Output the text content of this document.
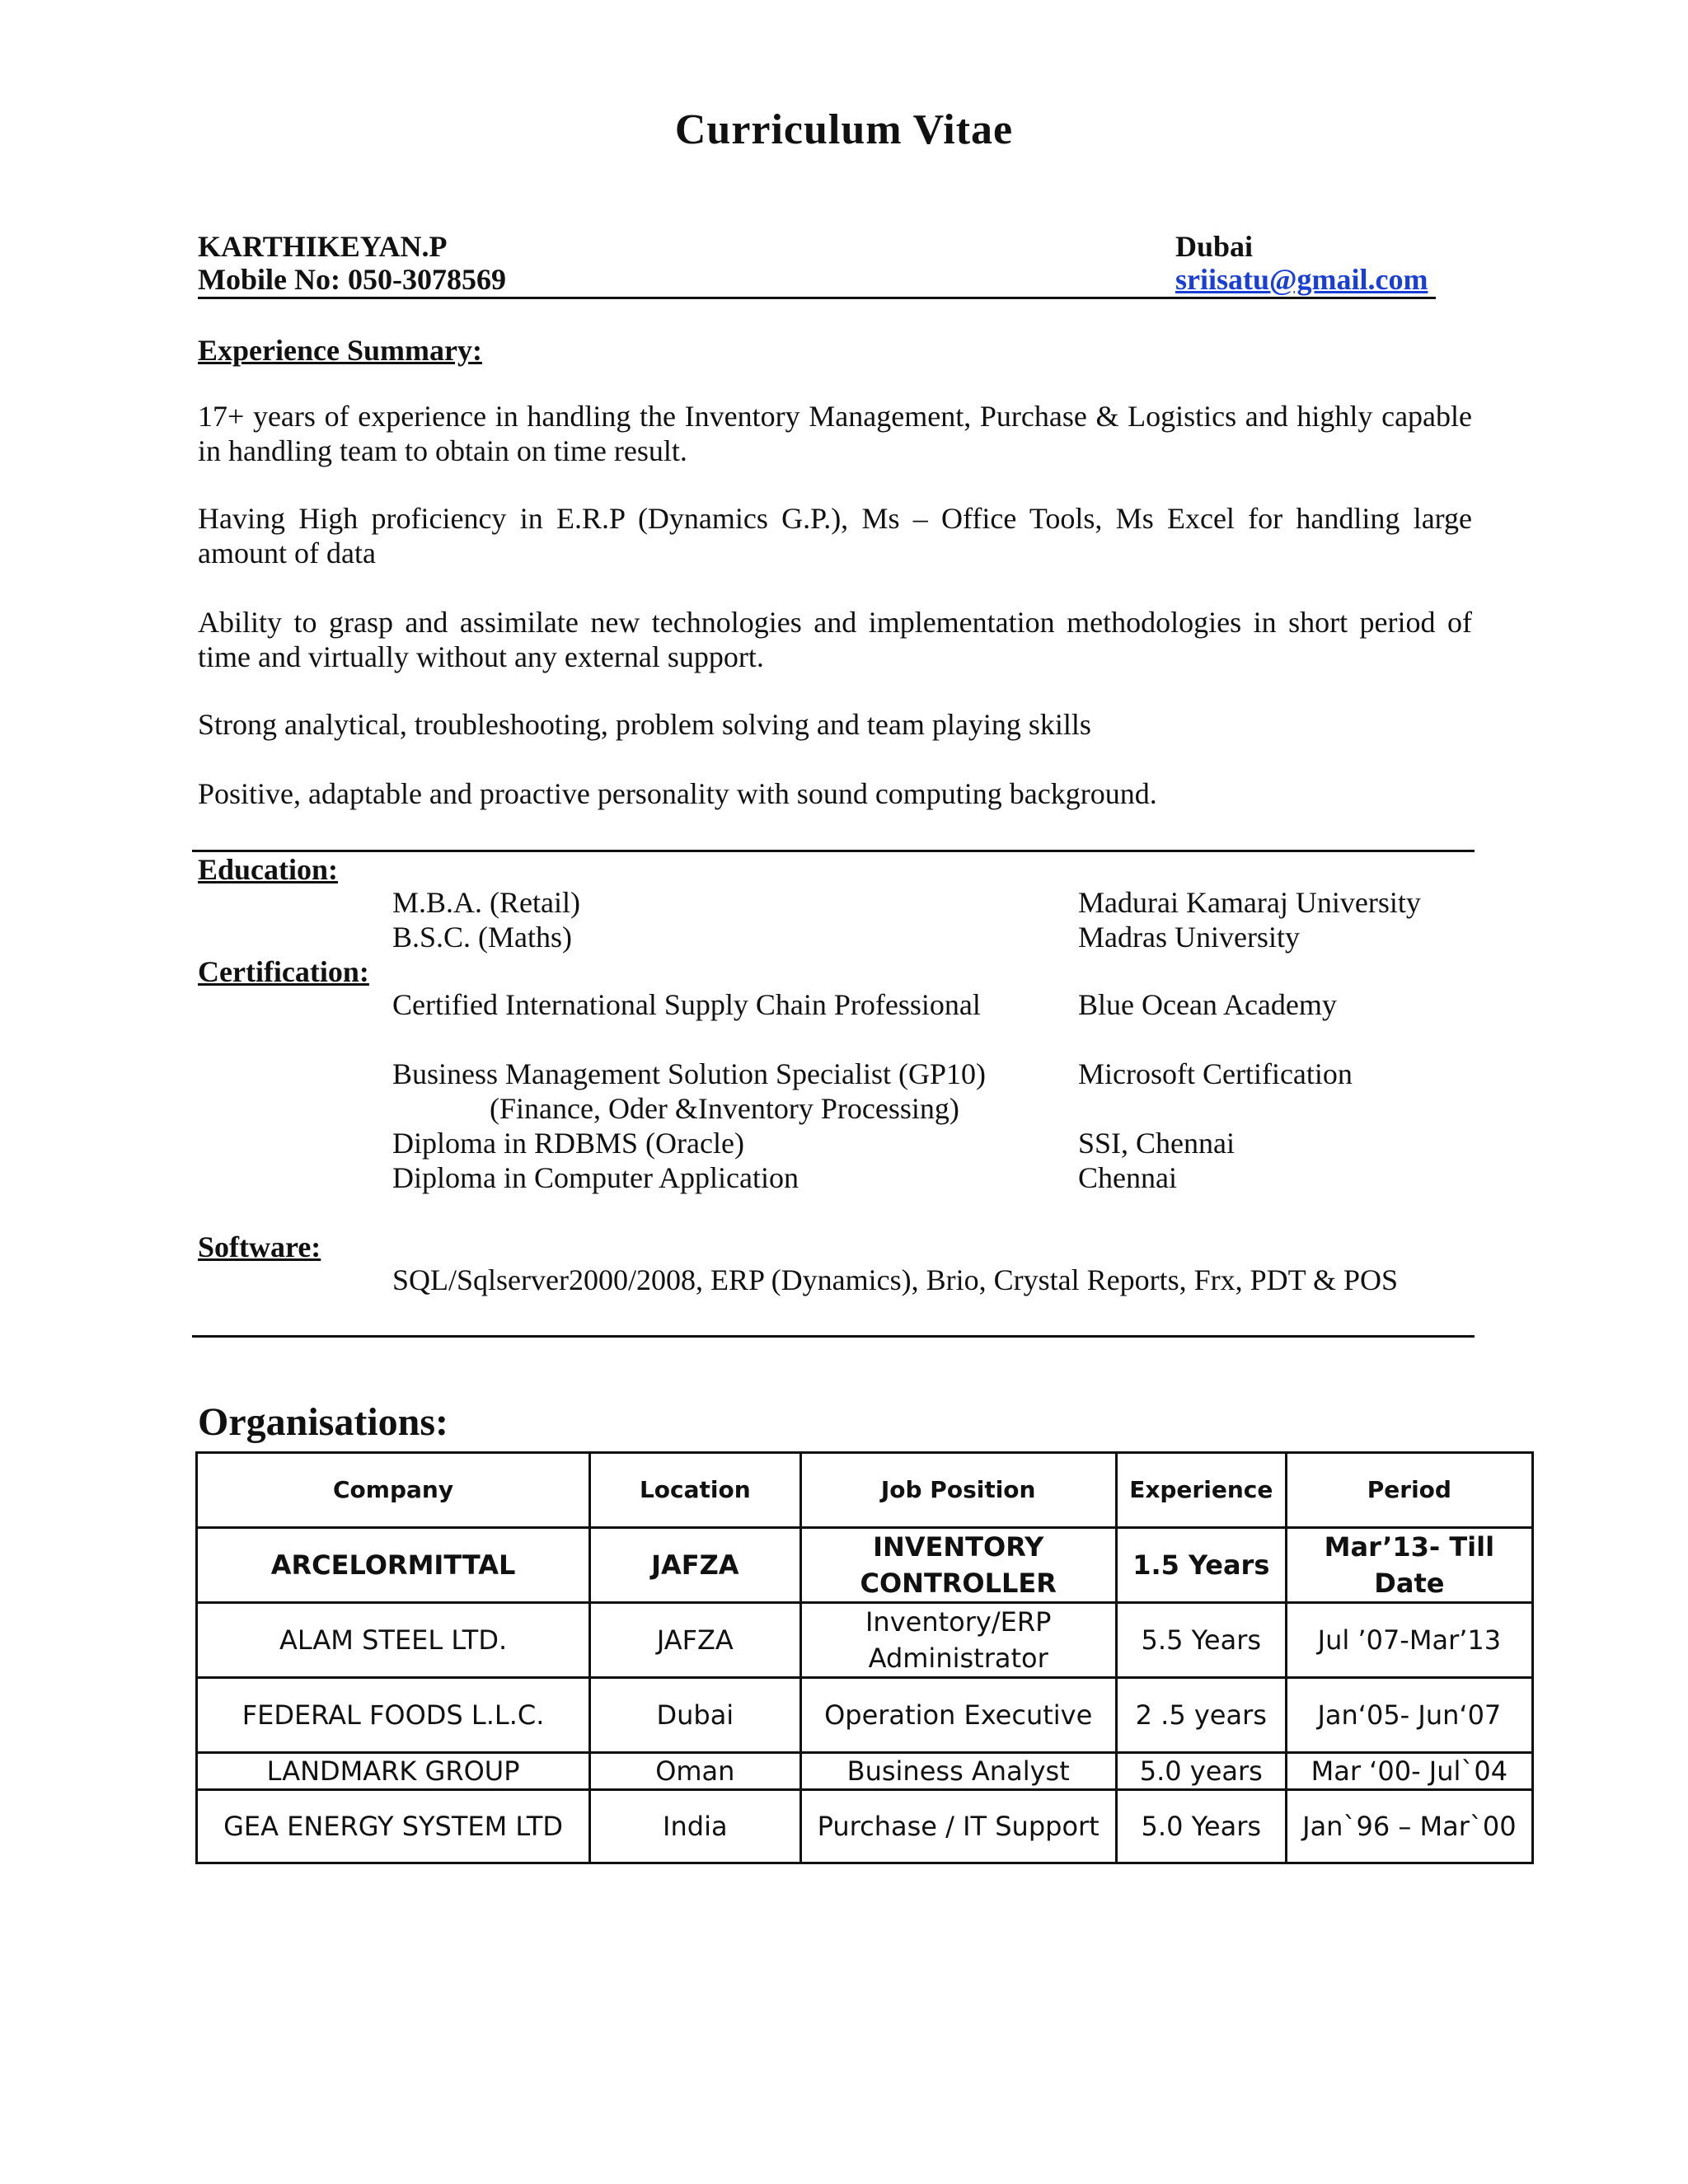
Curriculum Vitae
KARTHIKEYAN.P	Dubai
Mobile No: 050-3078569	sriisatu@gmail.com
Experience Summary:
17+ years of experience in handling the Inventory Management, Purchase & Logistics and highly capable in handling team to obtain on time result.
Having High proficiency in E.R.P (Dynamics G.P.), Ms – Office Tools, Ms Excel for handling large amount of data
Ability to grasp and assimilate new technologies and implementation methodologies in short period of time and virtually without any external support.
Strong analytical, troubleshooting, problem solving and team playing skills
Positive, adaptable and proactive personality with sound computing background.
Education:
M.B.A. (Retail)	Madurai Kamaraj University
B.S.C. (Maths)	Madras University
Certification:
Certified International Supply Chain Professional	Blue Ocean Academy
Business Management Solution Specialist (GP10)	Microsoft Certification
(Finance, Oder &Inventory Processing)
Diploma in RDBMS (Oracle)	SSI, Chennai
Diploma in Computer Application	Chennai
Software:
SQL/Sqlserver2000/2008, ERP (Dynamics), Brio, Crystal Reports, Frx, PDT & POS
Organisations:
Company	Location	Job Position	Experience	Period
ARCELORMITTAL	JAFZA	INVENTORY CONTROLLER	1.5 Years	Mar’13- Till Date
ALAM STEEL LTD.	JAFZA	Inventory/ERP Administrator	5.5 Years	Jul ’07-Mar’13
FEDERAL FOODS L.L.C.	Dubai	Operation Executive	2 .5 years	Jan‘05- Jun‘07
LANDMARK GROUP	Oman	Business Analyst	5.0 years	Mar ‘00- Jul`04
GEA ENERGY SYSTEM LTD	India	Purchase / IT Support	5.0 Years	Jan`96 – Mar`00
